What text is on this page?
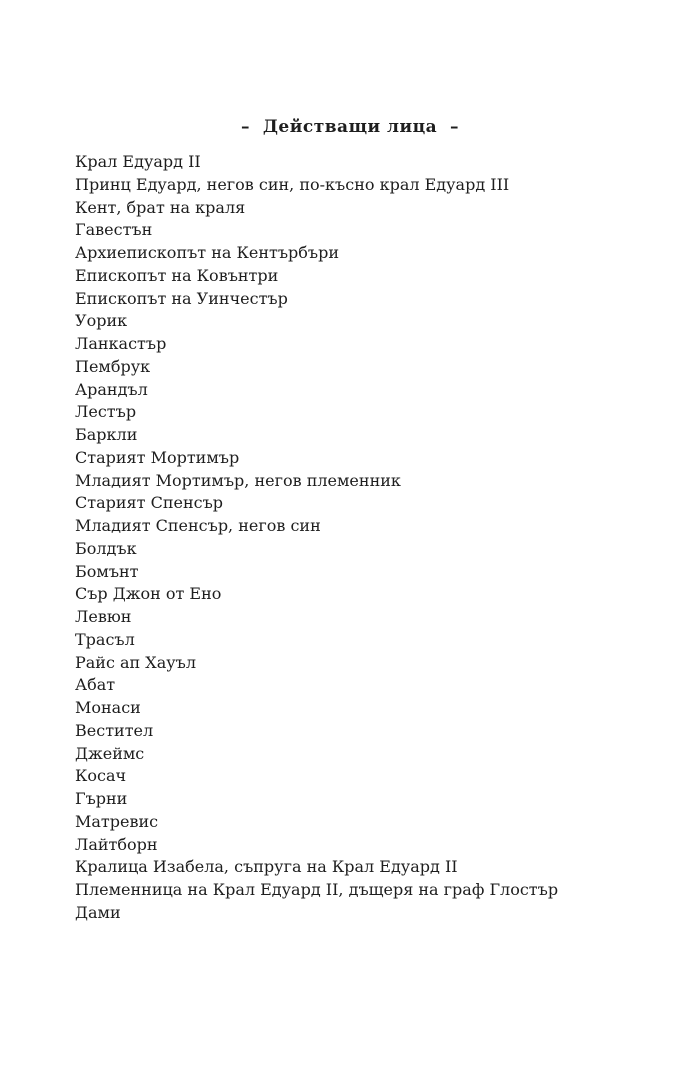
–  Действащи лица  –
Крал Едуард II
Принц Едуард, негов син, по-късно крал Едуард III
Кент, брат на краля
Гавестън
Архиепископът на Кентърбъри
Епископът на Ковънтри
Епископът на Уинчестър
Уорик
Ланкастър
Пембрук
Арандъл
Лестър
Баркли
Старият Мортимър
Младият Мортимър, негов племенник
Старият Спенсър
Младият Спенсър, негов син
Болдък
Бомънт
Сър Джон от Ено
Левюн
Трасъл
Райс ап Хауъл
Абат
Монаси
Вестител
Джеймс
Косач
Гърни
Матревис
Лайтборн
Кралица Изабела, съпруга на Крал Едуард II
Племенница на Крал Едуард II, дъщеря на граф Глостър
Дами
